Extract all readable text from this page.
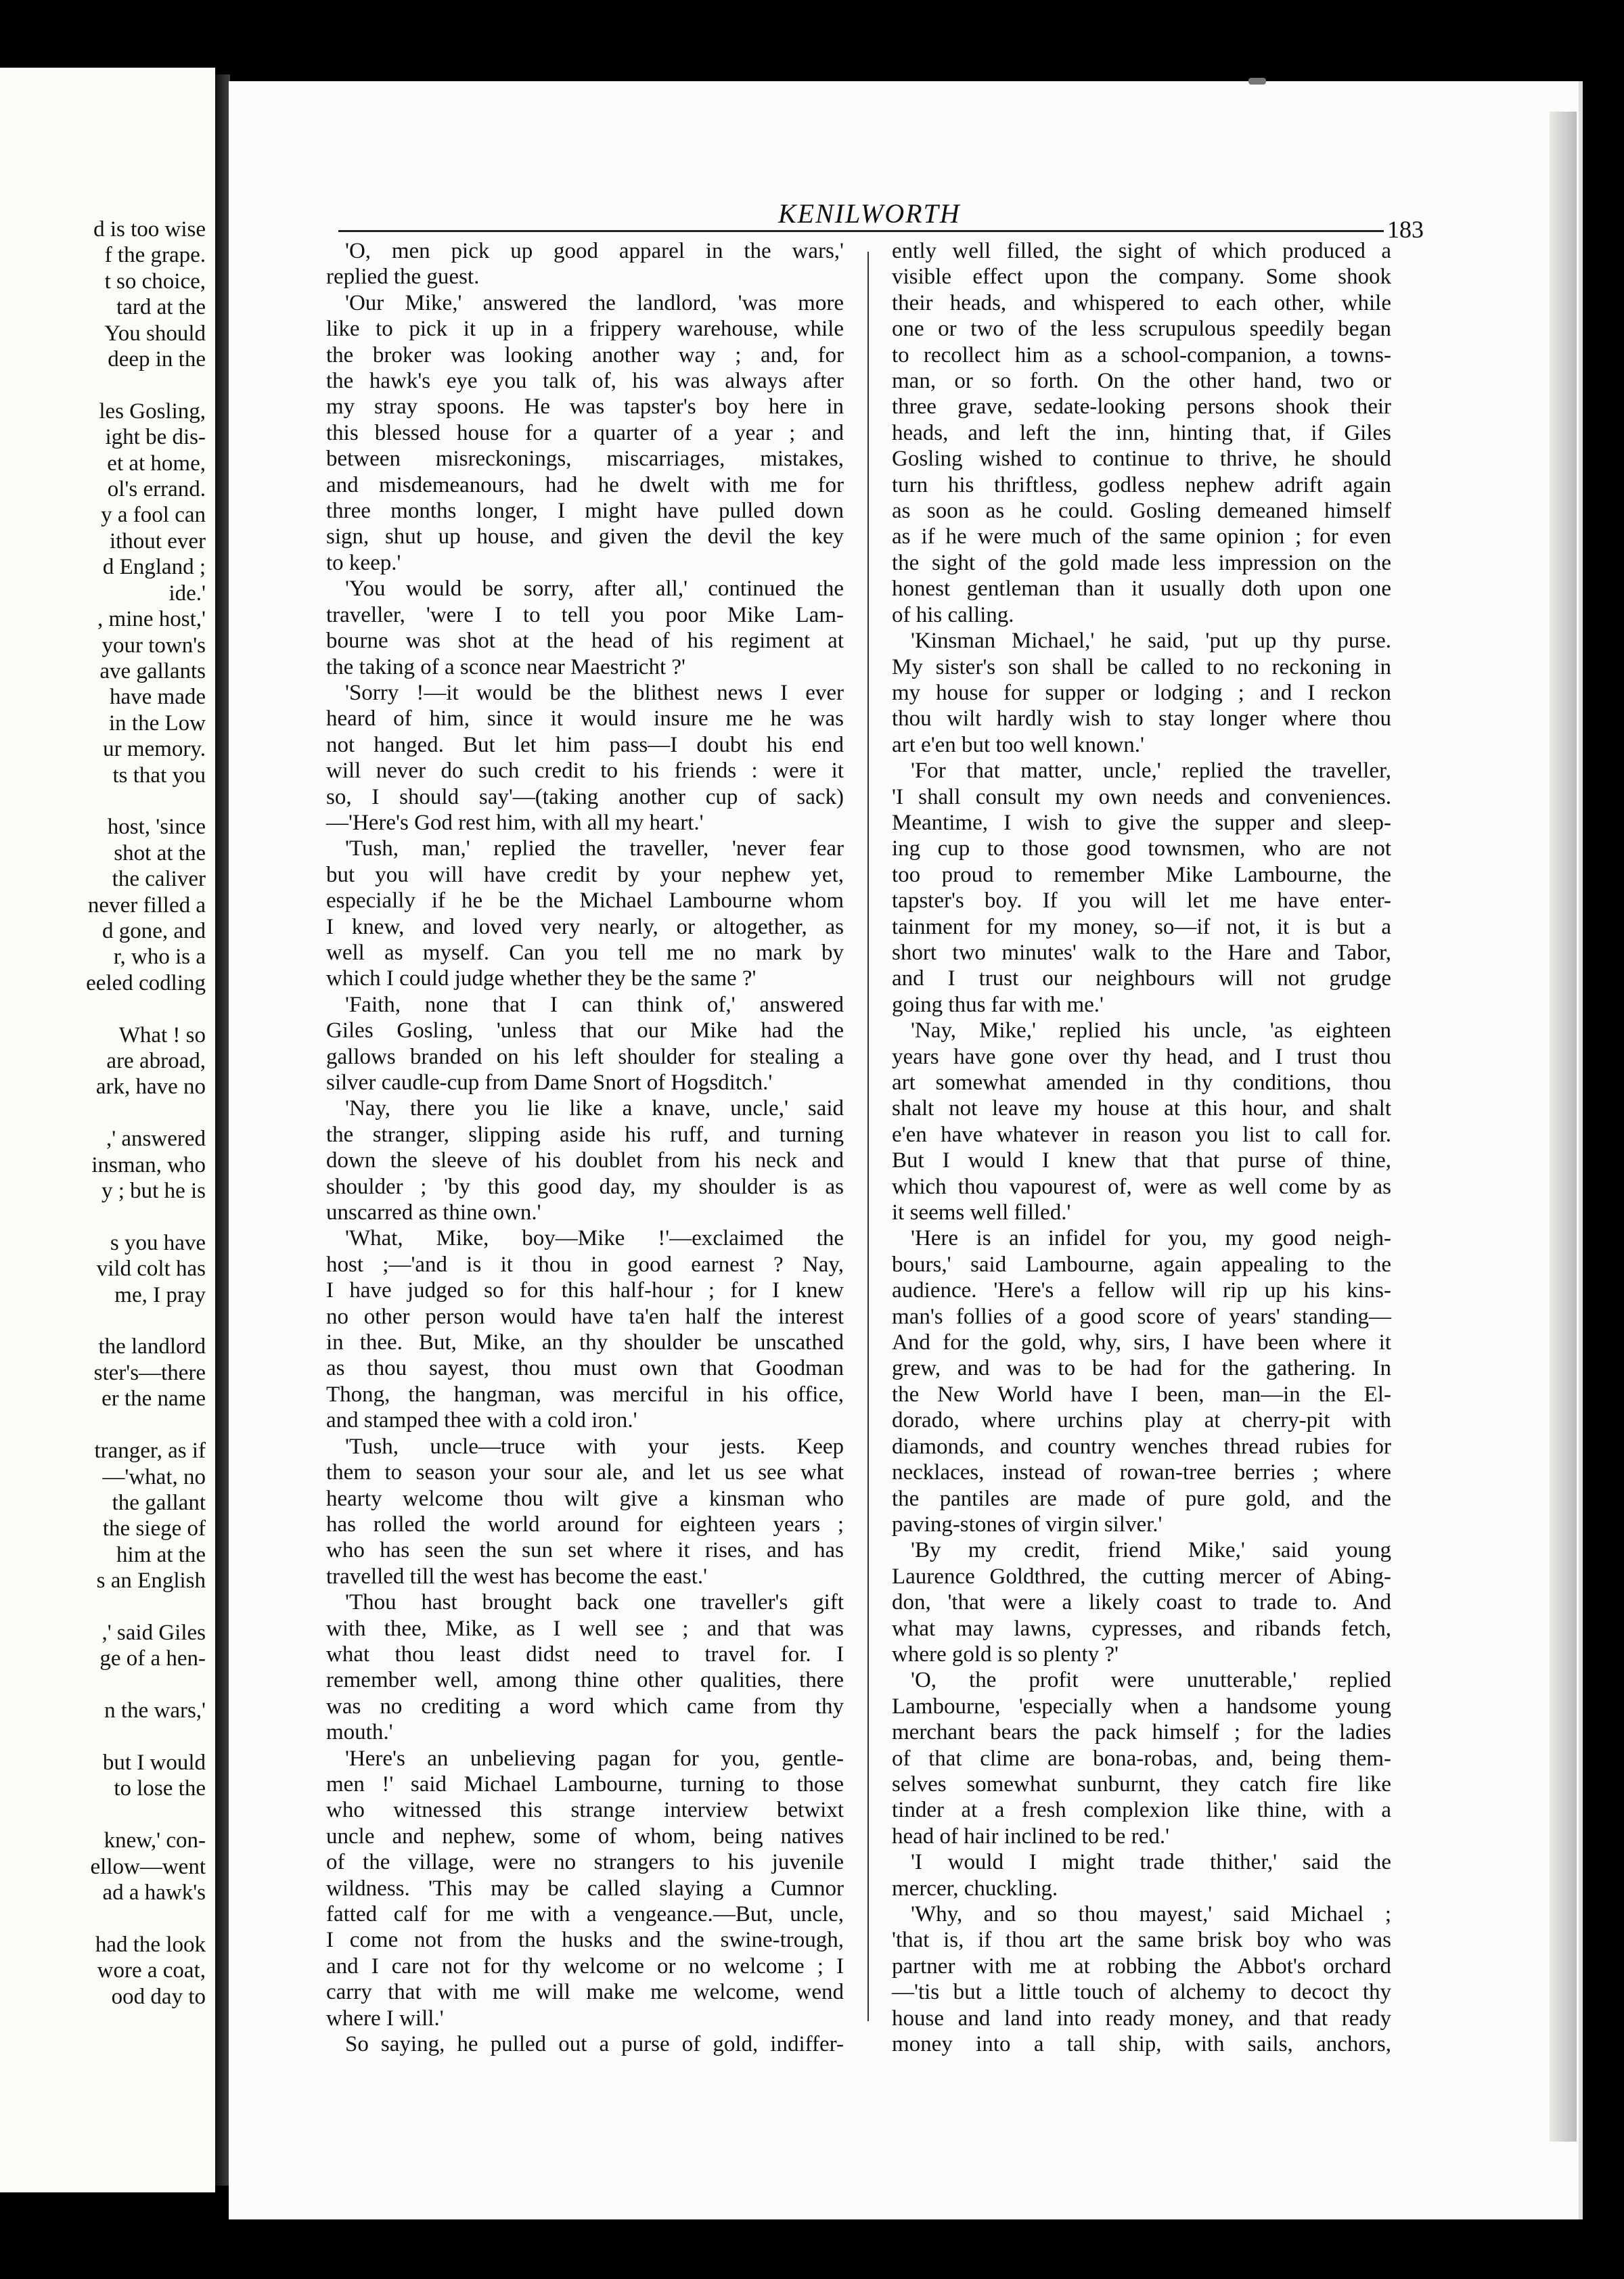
d is too wise
f the grape.
t so choice,
tard at the
You should
deep in the

les Gosling,
ight be dis-
et at home,
ol's errand.
y a fool can
ithout ever
d England ;
ide.'
, mine host,'
your town's
ave gallants
have made
in the Low
ur memory.
ts that you

host, 'since
shot at the
the caliver
never filled a
d gone, and
r, who is a
eeled codling

What ! so
are abroad,
ark, have no

,' answered
insman, who
y ; but he is

s you have
vild colt has
me, I pray

the landlord
ster's—there
er the name

tranger, as if
—'what, no
the gallant
the siege of
him at the
s an English

,' said Giles
ge of a hen-

n the wars,'

but I would
to lose the

knew,' con-
ellow—went
ad a hawk's

had the look
wore a coat,
ood day to
KENILWORTH
183
'O, men pick up good apparel in the wars,'
replied the guest.
'Our Mike,' answered the landlord, 'was more
like to pick it up in a frippery warehouse, while
the broker was looking another way ; and, for
the hawk's eye you talk of, his was always after
my stray spoons. He was tapster's boy here in
this blessed house for a quarter of a year ; and
between misreckonings, miscarriages, mistakes,
and misdemeanours, had he dwelt with me for
three months longer, I might have pulled down
sign, shut up house, and given the devil the key
to keep.'
'You would be sorry, after all,' continued the
traveller, 'were I to tell you poor Mike Lam-
bourne was shot at the head of his regiment at
the taking of a sconce near Maestricht ?'
'Sorry !—it would be the blithest news I ever
heard of him, since it would insure me he was
not hanged. But let him pass—I doubt his end
will never do such credit to his friends : were it
so, I should say'—(taking another cup of sack)
—'Here's God rest him, with all my heart.'
'Tush, man,' replied the traveller, 'never fear
but you will have credit by your nephew yet,
especially if he be the Michael Lambourne whom
I knew, and loved very nearly, or altogether, as
well as myself. Can you tell me no mark by
which I could judge whether they be the same ?'
'Faith, none that I can think of,' answered
Giles Gosling, 'unless that our Mike had the
gallows branded on his left shoulder for stealing a
silver caudle-cup from Dame Snort of Hogsditch.'
'Nay, there you lie like a knave, uncle,' said
the stranger, slipping aside his ruff, and turning
down the sleeve of his doublet from his neck and
shoulder ; 'by this good day, my shoulder is as
unscarred as thine own.'
'What, Mike, boy—Mike !'—exclaimed the
host ;—'and is it thou in good earnest ? Nay,
I have judged so for this half-hour ; for I knew
no other person would have ta'en half the interest
in thee. But, Mike, an thy shoulder be unscathed
as thou sayest, thou must own that Goodman
Thong, the hangman, was merciful in his office,
and stamped thee with a cold iron.'
'Tush, uncle—truce with your jests. Keep
them to season your sour ale, and let us see what
hearty welcome thou wilt give a kinsman who
has rolled the world around for eighteen years ;
who has seen the sun set where it rises, and has
travelled till the west has become the east.'
'Thou hast brought back one traveller's gift
with thee, Mike, as I well see ; and that was
what thou least didst need to travel for. I
remember well, among thine other qualities, there
was no crediting a word which came from thy
mouth.'
'Here's an unbelieving pagan for you, gentle-
men !' said Michael Lambourne, turning to those
who witnessed this strange interview betwixt
uncle and nephew, some of whom, being natives
of the village, were no strangers to his juvenile
wildness. 'This may be called slaying a Cumnor
fatted calf for me with a vengeance.—But, uncle,
I come not from the husks and the swine-trough,
and I care not for thy welcome or no welcome ; I
carry that with me will make me welcome, wend
where I will.'
So saying, he pulled out a purse of gold, indiffer-
ently well filled, the sight of which produced a
visible effect upon the company. Some shook
their heads, and whispered to each other, while
one or two of the less scrupulous speedily began
to recollect him as a school-companion, a towns-
man, or so forth. On the other hand, two or
three grave, sedate-looking persons shook their
heads, and left the inn, hinting that, if Giles
Gosling wished to continue to thrive, he should
turn his thriftless, godless nephew adrift again
as soon as he could. Gosling demeaned himself
as if he were much of the same opinion ; for even
the sight of the gold made less impression on the
honest gentleman than it usually doth upon one
of his calling.
'Kinsman Michael,' he said, 'put up thy purse.
My sister's son shall be called to no reckoning in
my house for supper or lodging ; and I reckon
thou wilt hardly wish to stay longer where thou
art e'en but too well known.'
'For that matter, uncle,' replied the traveller,
'I shall consult my own needs and conveniences.
Meantime, I wish to give the supper and sleep-
ing cup to those good townsmen, who are not
too proud to remember Mike Lambourne, the
tapster's boy. If you will let me have enter-
tainment for my money, so—if not, it is but a
short two minutes' walk to the Hare and Tabor,
and I trust our neighbours will not grudge
going thus far with me.'
'Nay, Mike,' replied his uncle, 'as eighteen
years have gone over thy head, and I trust thou
art somewhat amended in thy conditions, thou
shalt not leave my house at this hour, and shalt
e'en have whatever in reason you list to call for.
But I would I knew that that purse of thine,
which thou vapourest of, were as well come by as
it seems well filled.'
'Here is an infidel for you, my good neigh-
bours,' said Lambourne, again appealing to the
audience. 'Here's a fellow will rip up his kins-
man's follies of a good score of years' standing—
And for the gold, why, sirs, I have been where it
grew, and was to be had for the gathering. In
the New World have I been, man—in the El-
dorado, where urchins play at cherry-pit with
diamonds, and country wenches thread rubies for
necklaces, instead of rowan-tree berries ; where
the pantiles are made of pure gold, and the
paving-stones of virgin silver.'
'By my credit, friend Mike,' said young
Laurence Goldthred, the cutting mercer of Abing-
don, 'that were a likely coast to trade to. And
what may lawns, cypresses, and ribands fetch,
where gold is so plenty ?'
'O, the profit were unutterable,' replied
Lambourne, 'especially when a handsome young
merchant bears the pack himself ; for the ladies
of that clime are bona-robas, and, being them-
selves somewhat sunburnt, they catch fire like
tinder at a fresh complexion like thine, with a
head of hair inclined to be red.'
'I would I might trade thither,' said the
mercer, chuckling.
'Why, and so thou mayest,' said Michael ;
'that is, if thou art the same brisk boy who was
partner with me at robbing the Abbot's orchard
—'tis but a little touch of alchemy to decoct thy
house and land into ready money, and that ready
money into a tall ship, with sails, anchors,
